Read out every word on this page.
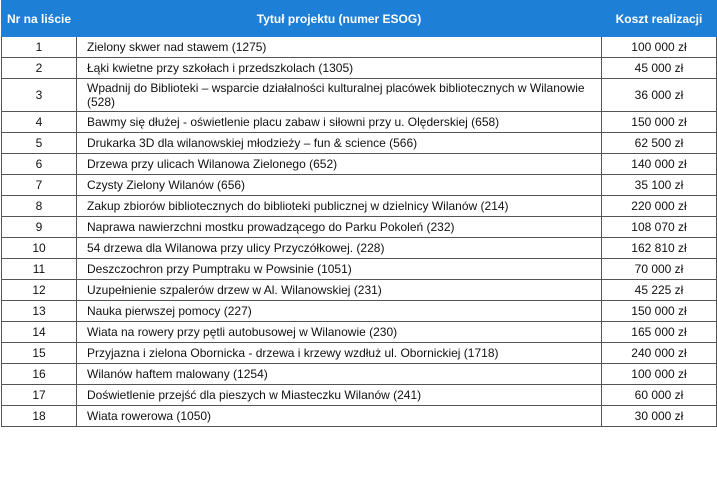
Nr na liście	Tytuł projektu (numer ESOG)	Koszt realizacji
1	Zielony skwer nad stawem (1275)	100 000 zł
2	Łąki kwietne przy szkołach i przedszkolach (1305)	45 000 zł
3	Wpadnij do Biblioteki – wsparcie działalności kulturalnej placówek bibliotecznych w Wilanowie (528)	36 000 zł
4	Bawmy się dłużej - oświetlenie placu zabaw i siłowni przy u. Olęderskiej (658)	150 000 zł
5	Drukarka 3D dla wilanowskiej młodzieży – fun & science (566)	62 500 zł
6	Drzewa przy ulicach Wilanowa Zielonego (652)	140 000 zł
7	Czysty Zielony Wilanów (656)	35 100 zł
8	Zakup zbiorów bibliotecznych do biblioteki publicznej w dzielnicy Wilanów (214)	220 000 zł
9	Naprawa nawierzchni mostku prowadzącego do Parku Pokoleń (232)	108 070 zł
10	54 drzewa dla Wilanowa przy ulicy Przyczółkowej. (228)	162 810 zł
11	Deszczochron przy Pumptraku w Powsinie (1051)	70 000 zł
12	Uzupełnienie szpalerów drzew w Al. Wilanowskiej (231)	45 225 zł
13	Nauka pierwszej pomocy (227)	150 000 zł
14	Wiata na rowery przy pętli autobusowej w Wilanowie (230)	165 000 zł
15	Przyjazna i zielona Obornicka - drzewa i krzewy wzdłuż ul. Obornickiej (1718)	240 000 zł
16	Wilanów haftem malowany (1254)	100 000 zł
17	Doświetlenie przejść dla pieszych w Miasteczku Wilanów (241)	60 000 zł
18	Wiata rowerowa (1050)	30 000 zł
